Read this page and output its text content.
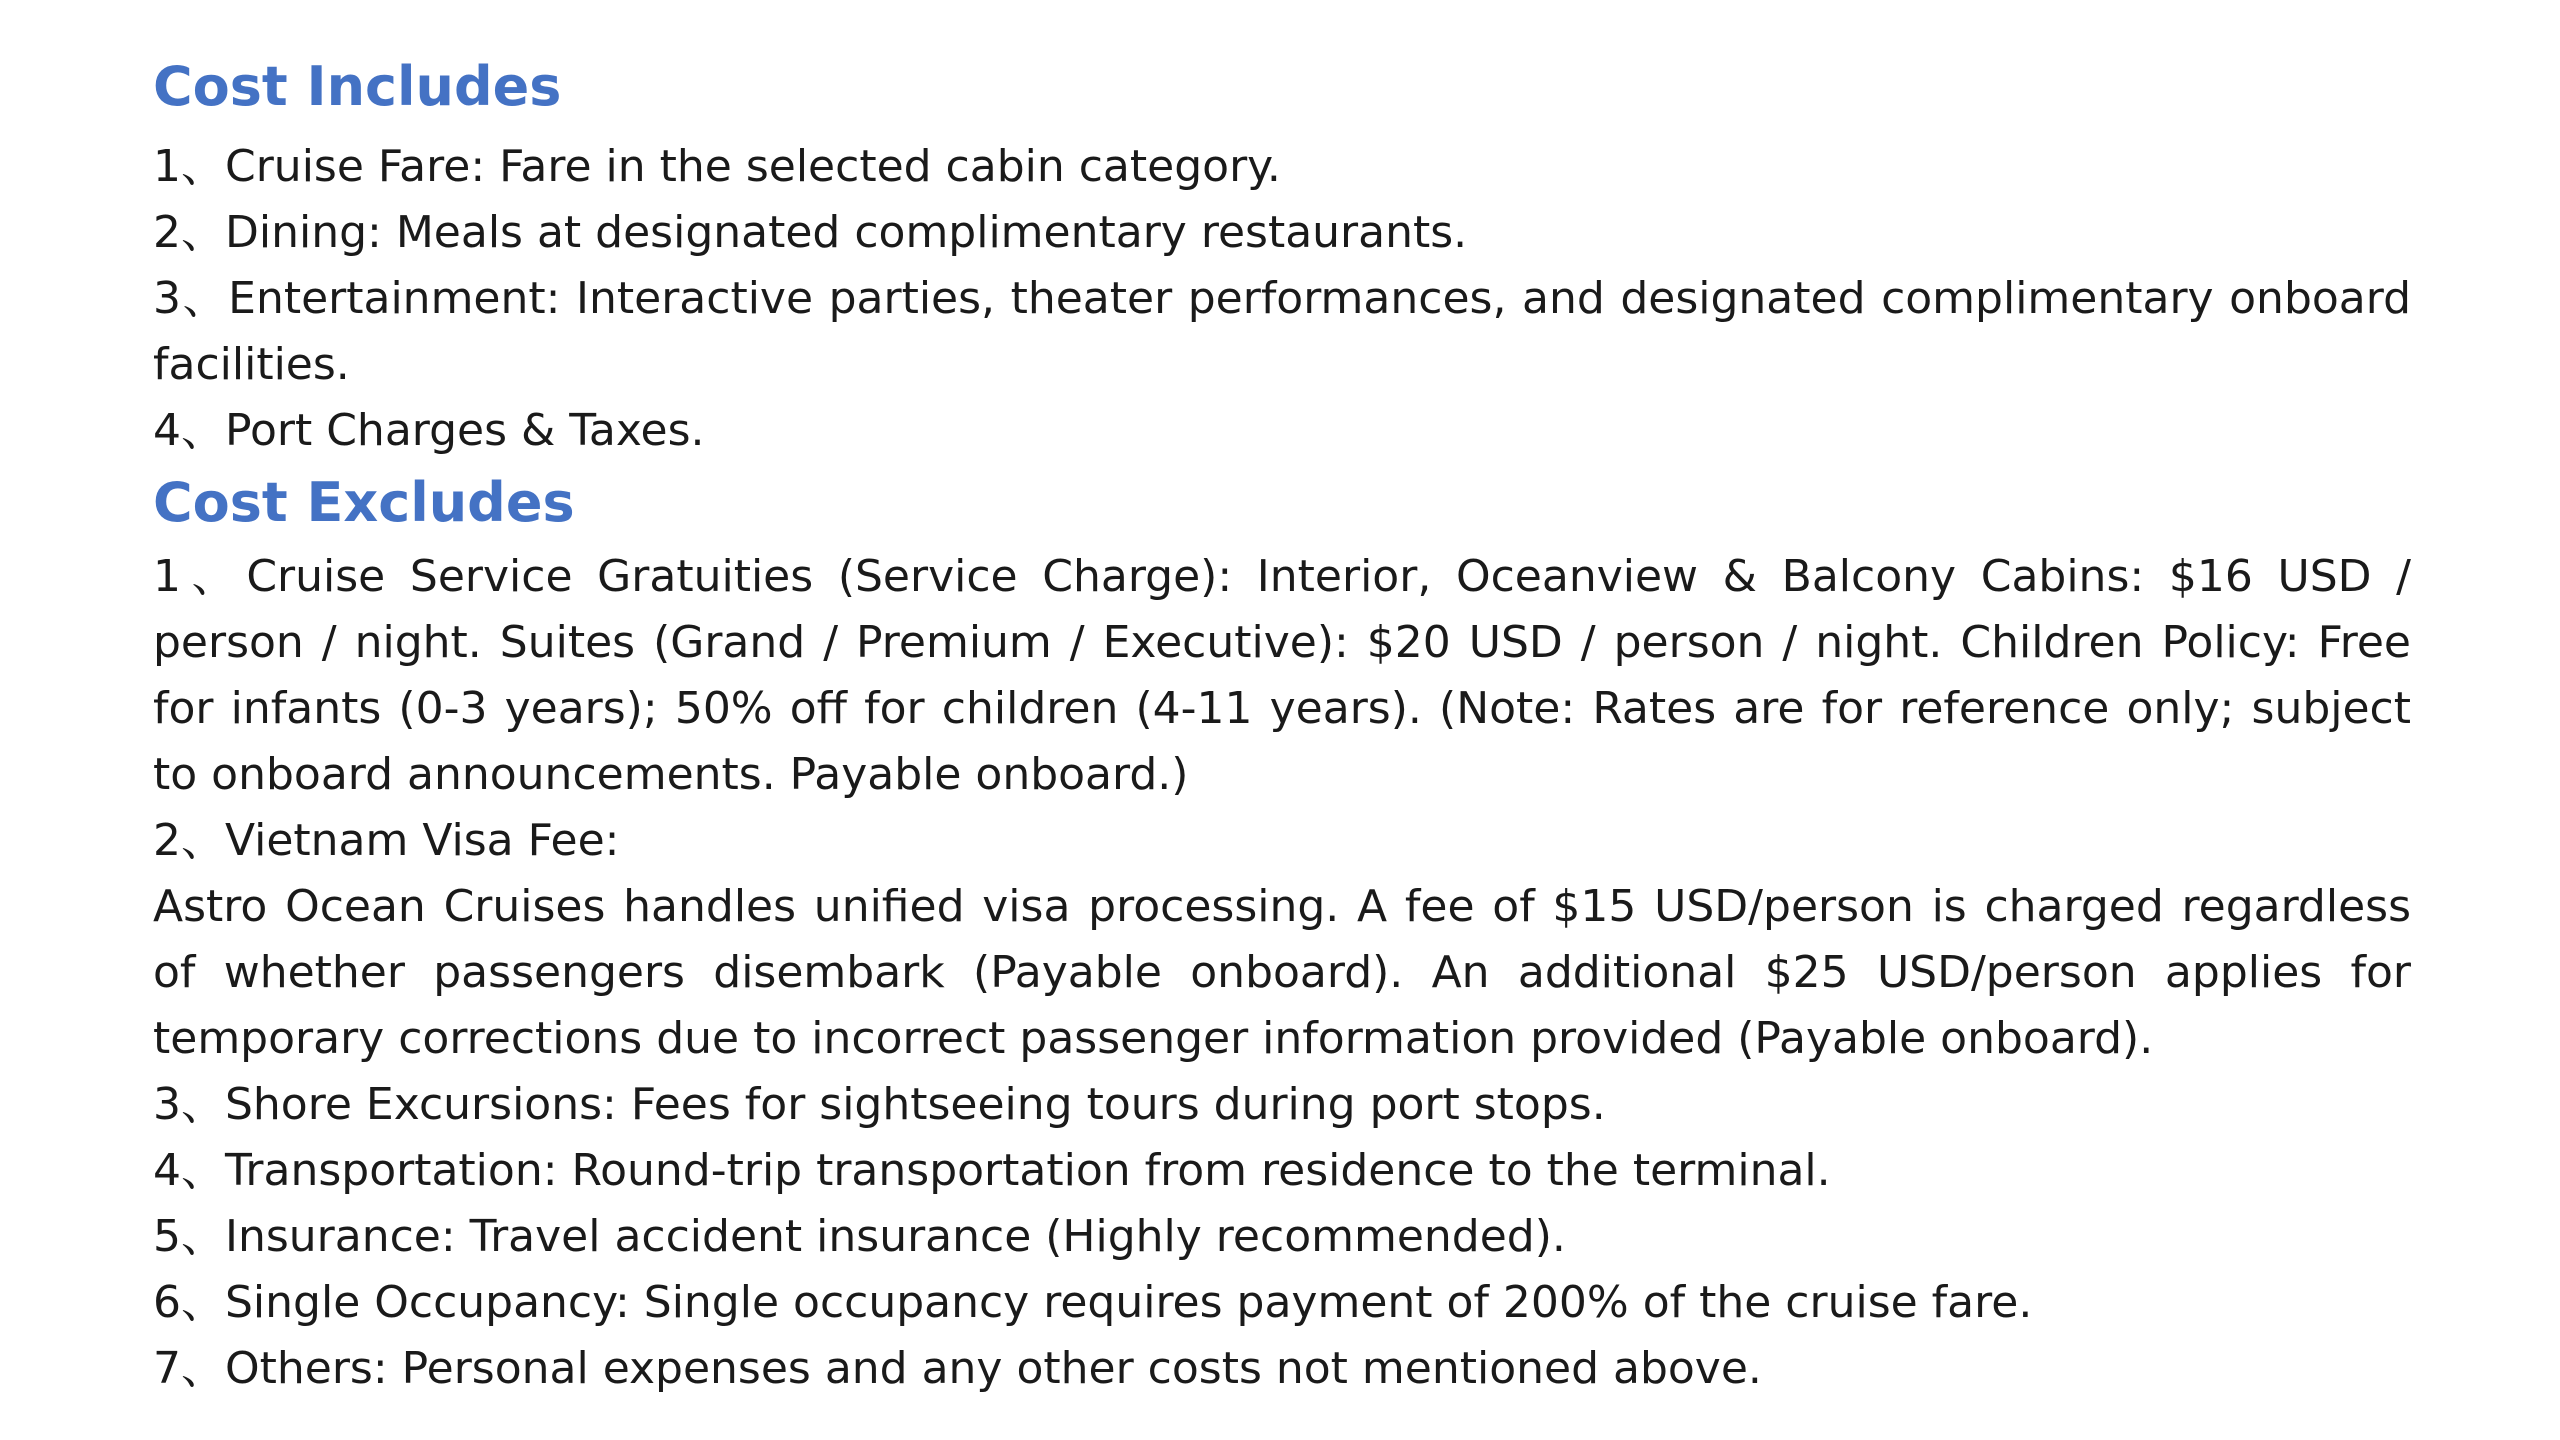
Cost Includes
1、Cruise Fare: Fare in the selected cabin category.
2、Dining: Meals at designated complimentary restaurants.
3、Entertainment: Interactive parties, theater performances, and designated complimentary onboard facilities.
4、Port Charges & Taxes.
Cost Excludes
1、Cruise Service Gratuities (Service Charge): Interior, Oceanview & Balcony Cabins: $16 USD / person / night. Suites (Grand / Premium / Executive): $20 USD / person / night. Children Policy: Free for infants (0-3 years); 50% off for children (4-11 years). (Note: Rates are for reference only; subject to onboard announcements. Payable onboard.)
2、Vietnam Visa Fee:
Astro Ocean Cruises handles unified visa processing. A fee of $15 USD/person is charged regardless of whether passengers disembark (Payable onboard). An additional $25 USD/person applies for temporary corrections due to incorrect passenger information provided (Payable onboard).
3、Shore Excursions: Fees for sightseeing tours during port stops.
4、Transportation: Round-trip transportation from residence to the terminal.
5、Insurance: Travel accident insurance (Highly recommended).
6、Single Occupancy: Single occupancy requires payment of 200% of the cruise fare.
7、Others: Personal expenses and any other costs not mentioned above.
